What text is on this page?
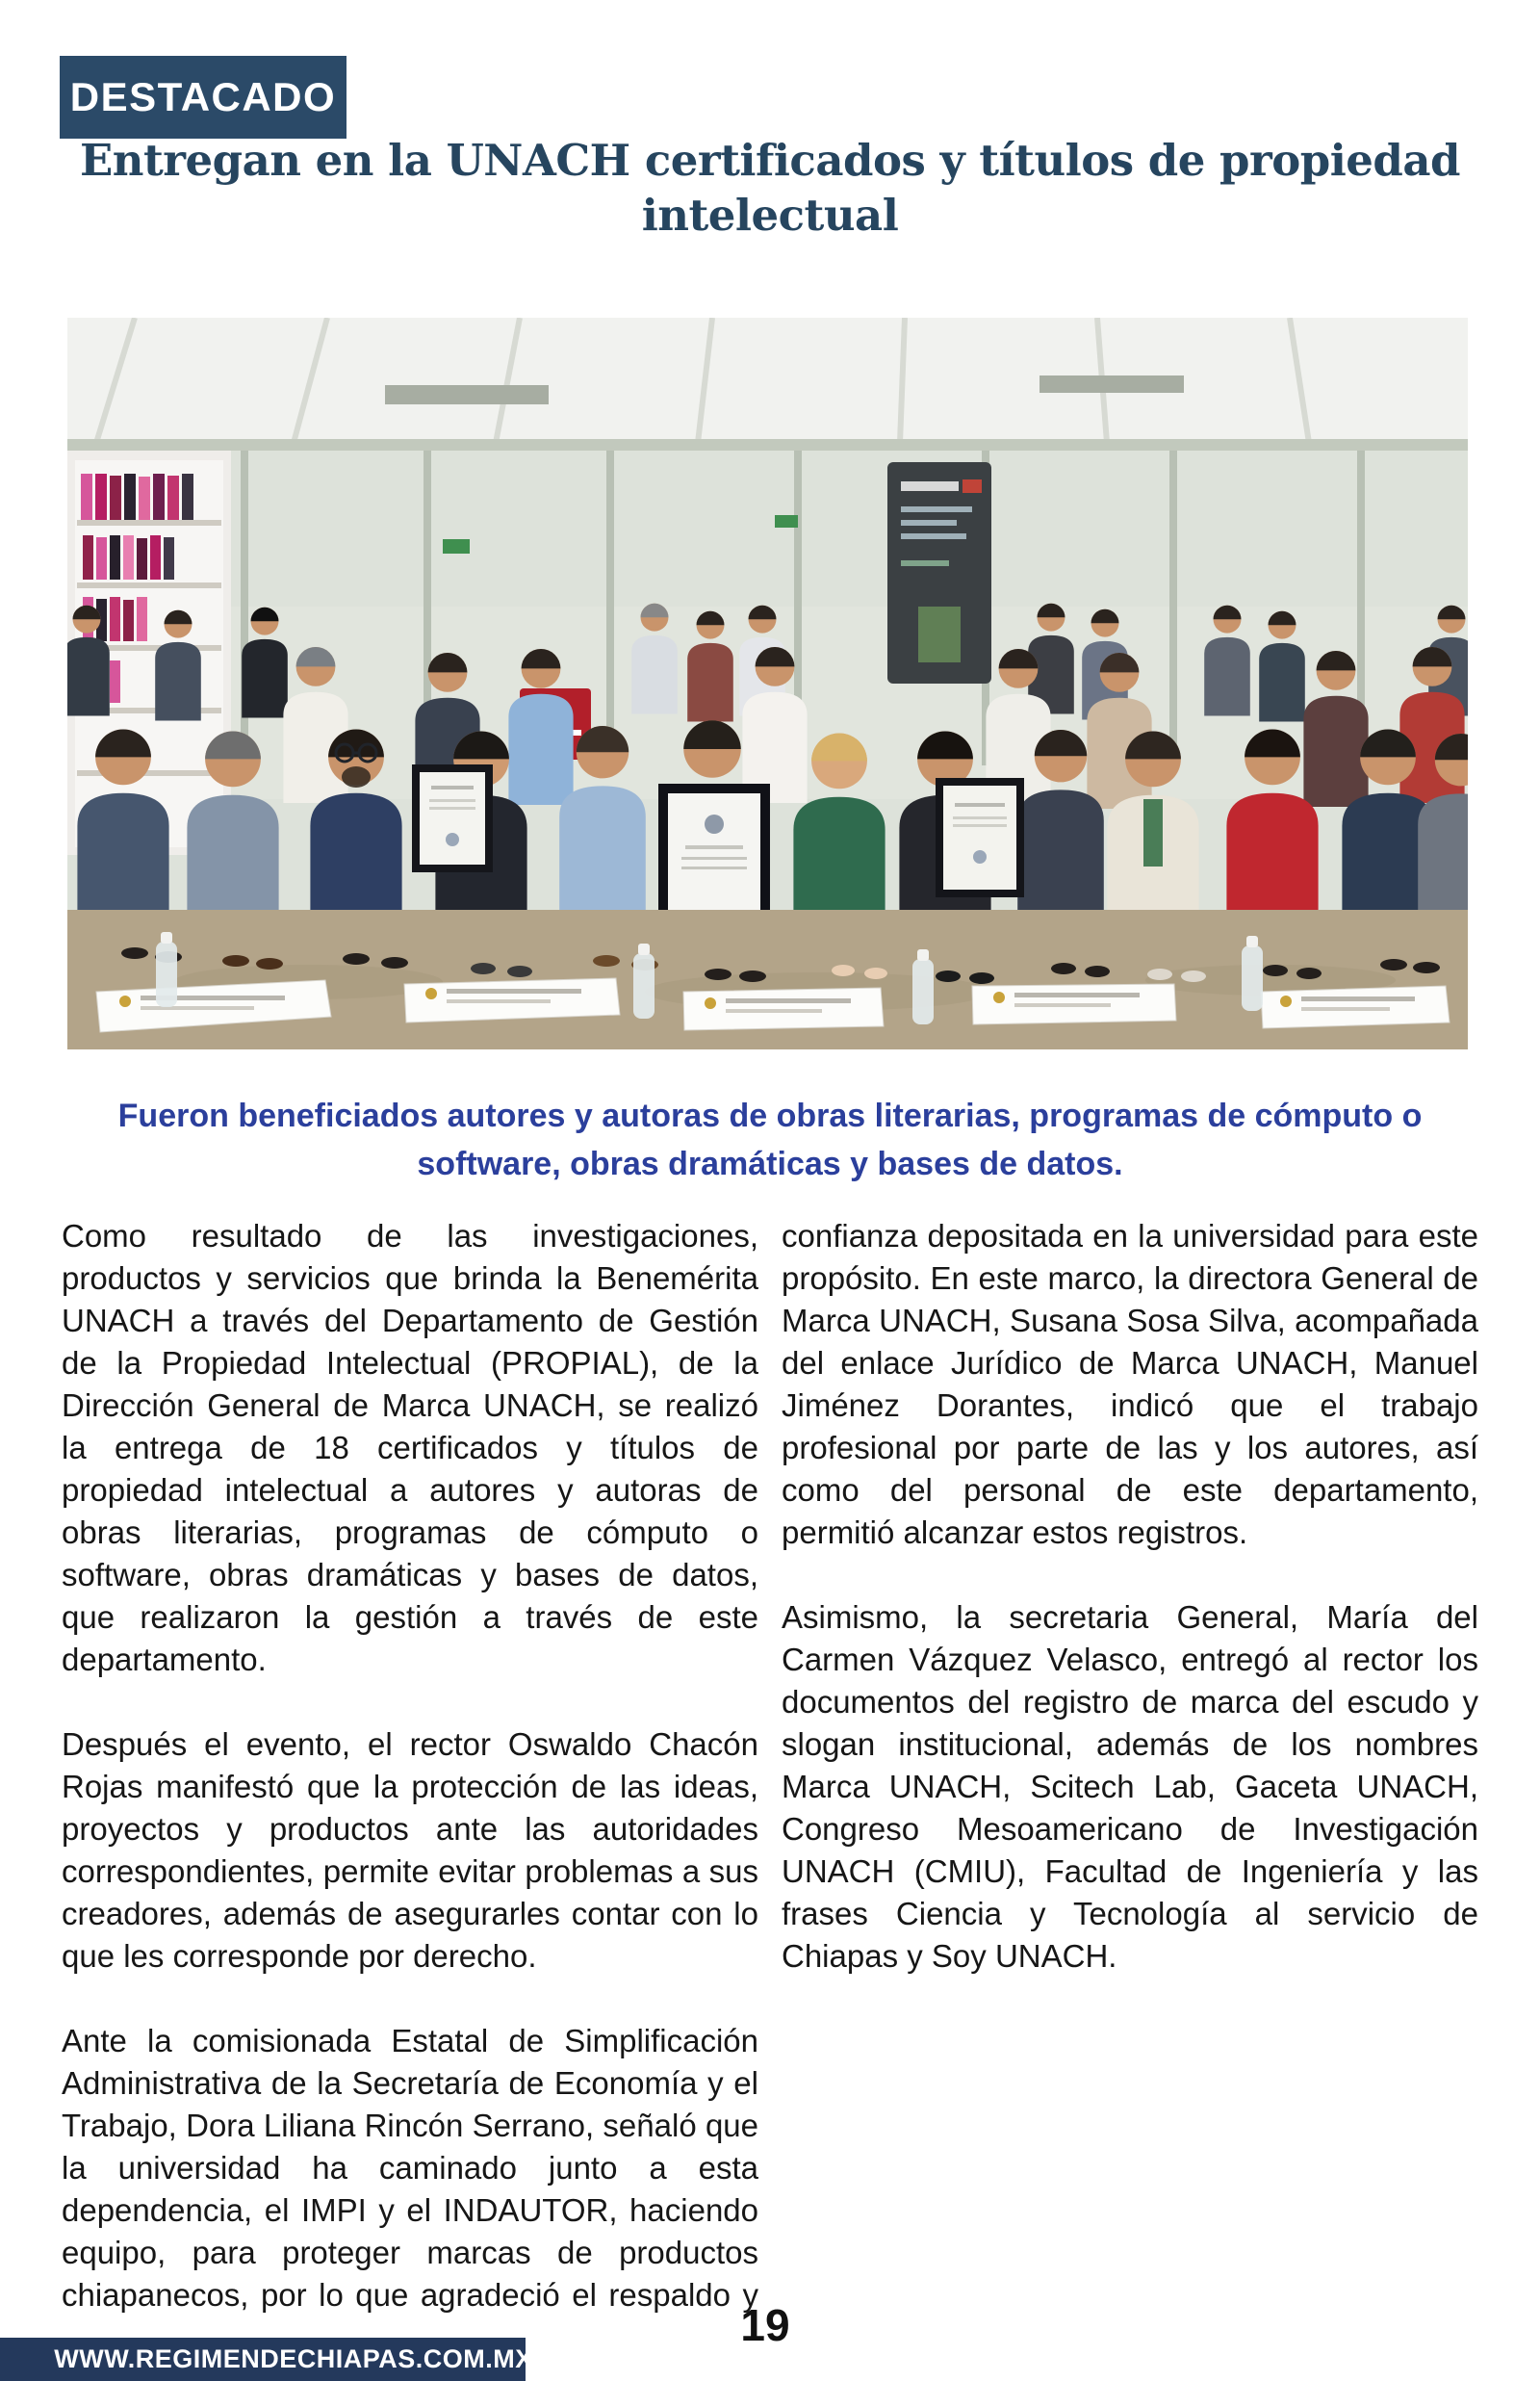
DESTACADO
Entregan en la UNACH certificados y títulos de propiedad
intelectual
Fueron beneficiados autores y autoras de obras literarias, programas de cómputo o
software, obras dramáticas y bases de datos.

Como resultado de las investigaciones, productos y servicios que brinda la Benemérita UNACH a través del Departamento de Gestión de la Propiedad Intelectual (PROPIAL), de la Dirección General de Marca UNACH, se realizó la entrega de 18 certificados y títulos de propiedad intelectual a autores y autoras de obras literarias, programas de cómputo o software, obras dramáticas y bases de datos, que realizaron la gestión a través de este departamento.

Después el evento, el rector Oswaldo Chacón Rojas manifestó que la protección de las ideas, proyectos y productos ante las autoridades correspondientes, permite evitar problemas a sus creadores, además de asegurarles contar con lo que les corresponde por derecho.

Ante la comisionada Estatal de Simplificación Administrativa de la Secretaría de Economía y el Trabajo, Dora Liliana Rincón Serrano, señaló que la universidad ha caminado junto a esta dependencia, el IMPI y el INDAUTOR, haciendo equipo, para proteger marcas de productos chiapanecos, por lo que agradeció el respaldo y confianza depositada en la universidad para este propósito. En este marco, la directora General de Marca UNACH, Susana Sosa Silva, acompañada del enlace Jurídico de Marca UNACH, Manuel Jiménez Dorantes, indicó que el trabajo profesional por parte de las y los autores, así como del personal de este departamento, permitió alcanzar estos registros.

Asimismo, la secretaria General, María del Carmen Vázquez Velasco, entregó al rector los documentos del registro de marca del escudo y slogan institucional, además de los nombres Marca UNACH, Scitech Lab, Gaceta UNACH, Congreso Mesoamericano de Investigación UNACH (CMIU), Facultad de Ingeniería y las frases Ciencia y Tecnología al servicio de Chiapas y Soy UNACH.

19
WWW.REGIMENDECHIAPAS.COM.MX
